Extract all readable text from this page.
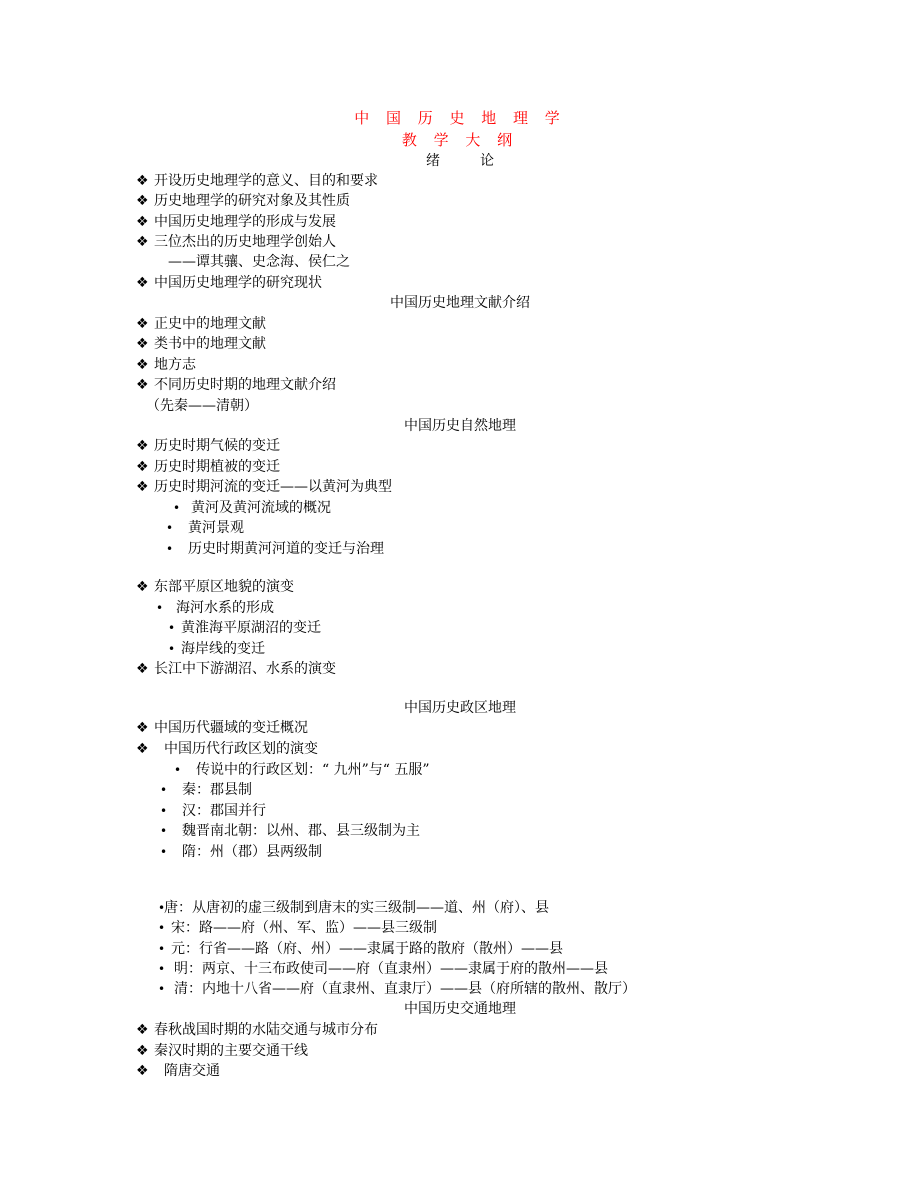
中 国 历 史 地 理 学
教 学 大 纲
绪	论
❖ 开设历史地理学的意义、目的和要求
❖ 历史地理学的研究对象及其性质
❖ 中国历史地理学的形成与发展
❖ 三位杰出的历史地理学创始人
——谭其骧、史念海、侯仁之
❖ 中国历史地理学的研究现状
中国历史地理文献介绍
❖ 正史中的地理文献
❖ 类书中的地理文献
❖ 地方志
❖ 不同历史时期的地理文献介绍
（先秦——清朝）
中国历史自然地理
❖ 历史时期气候的变迁
❖ 历史时期植被的变迁
❖ 历史时期河流的变迁——以黄河为典型
• 黄河及黄河流域的概况
• 黄河景观
• 历史时期黄河河道的变迁与治理
❖ 东部平原区地貌的演变
• 海河水系的形成
• 黄淮海平原湖沼的变迁
• 海岸线的变迁
❖ 长江中下游湖沼、水系的演变
中国历史政区地理
❖ 中国历代疆域的变迁概况
❖ 中国历代行政区划的演变
• 传说中的行政区划：“ 九州”与“ 五服”
• 秦：郡县制
• 汉：郡国并行
• 魏晋南北朝：以州、郡、县三级制为主
• 隋：州（郡）县两级制
•唐：从唐初的虚三级制到唐末的实三级制——道、州（府）、县
• 宋：路——府（州、军、监）——县三级制
• 元：行省——路（府、州）——隶属于路的散府（散州）——县
• 明：两京、十三布政使司——府（直隶州）——隶属于府的散州——县
• 清：内地十八省——府（直隶州、直隶厅）——县（府所辖的散州、散厅）
中国历史交通地理
❖ 春秋战国时期的水陆交通与城市分布
❖ 秦汉时期的主要交通干线
❖ 隋唐交通
